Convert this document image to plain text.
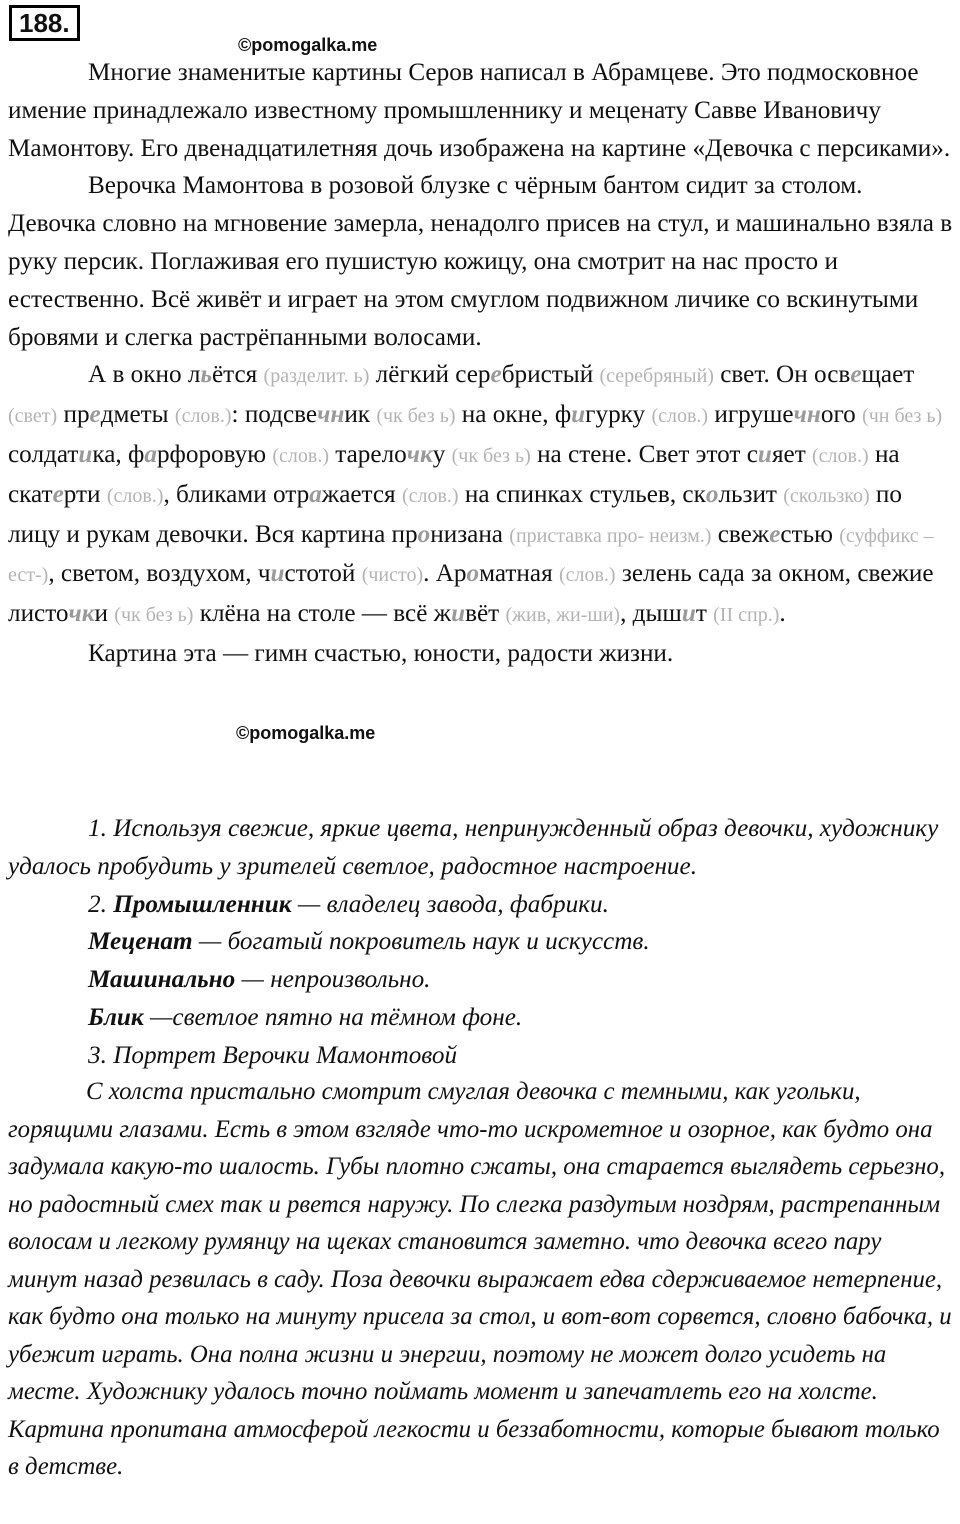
188.
©pomogalka.me

Многие знаменитые картины Серов написал в Абрамцеве. Это подмосковное имение принадлежало известному промышленнику и меценату Савве Ивановичу Мамонтову. Его двенадцатилетняя дочь изображена на картине «Девочка с персиками».

Верочка Мамонтова в розовой блузке с чёрным бантом сидит за столом. Девочка словно на мгновение замерла, ненадолго присев на стул, и машинально взяла в руку персик. Поглаживая его пушистую кожицу, она смотрит на нас просто и естественно. Всё живёт и играет на этом смуглом подвижном личике со вскинутыми бровями и слегка растрёпанными волосами.

А в окно льётся (разделит. ь) лёгкий серебристый (серебряный) свет. Он освещает (свет) предметы (слов.): подсвечник (чк без ь) на окне, фигурку (слов.) игрушечного (чн без ь) солдатика, фарфоровую (слов.) тарелочку (чк без ь) на стене. Свет этот сияет (слов.) на скатерти (слов.), бликами отражается (слов.) на спинках стульев, скользит (скользко) по лицу и рукам девочки. Вся картина пронизана (приставка про- неизм.) свежестью (суффикс –ест-), светом, воздухом, чистотой (чисто). Ароматная (слов.) зелень сада за окном, свежие листочки (чк без ь) клёна на столе — всё живёт (жив, жи-ши), дышит (II спр.).

Картина эта — гимн счастью, юности, радости жизни.

©pomogalka.me

1. Используя свежие, яркие цвета, непринужденный образ девочки, художнику удалось пробудить у зрителей светлое, радостное настроение.

2. Промышленник — владелец завода, фабрики.

Меценат — богатый покровитель наук и искусств.

Машинально — непроизвольно.

Блик —светлое пятно на тёмном фоне.

3. Портрет Верочки Мамонтовой

С холста пристально смотрит смуглая девочка с темными, как угольки, горящими глазами. Есть в этом взгляде что-то искрометное и озорное, как будто она задумала какую-то шалость. Губы плотно сжаты, она старается выглядеть серьезно, но радостный смех так и рвется наружу. По слегка раздутым ноздрям, растрепанным волосам и легкому румянцу на щеках становится заметно. что девочка всего пару минут назад резвилась в саду. Поза девочки выражает едва сдерживаемое нетерпение, как будто она только на минуту присела за стол, и вот-вот сорвется, словно бабочка, и убежит играть. Она полна жизни и энергии, поэтому не может долго усидеть на месте. Художнику удалось точно поймать момент и запечатлеть его на холсте. Картина пропитана атмосферой легкости и беззаботности, которые бывают только в детстве.
